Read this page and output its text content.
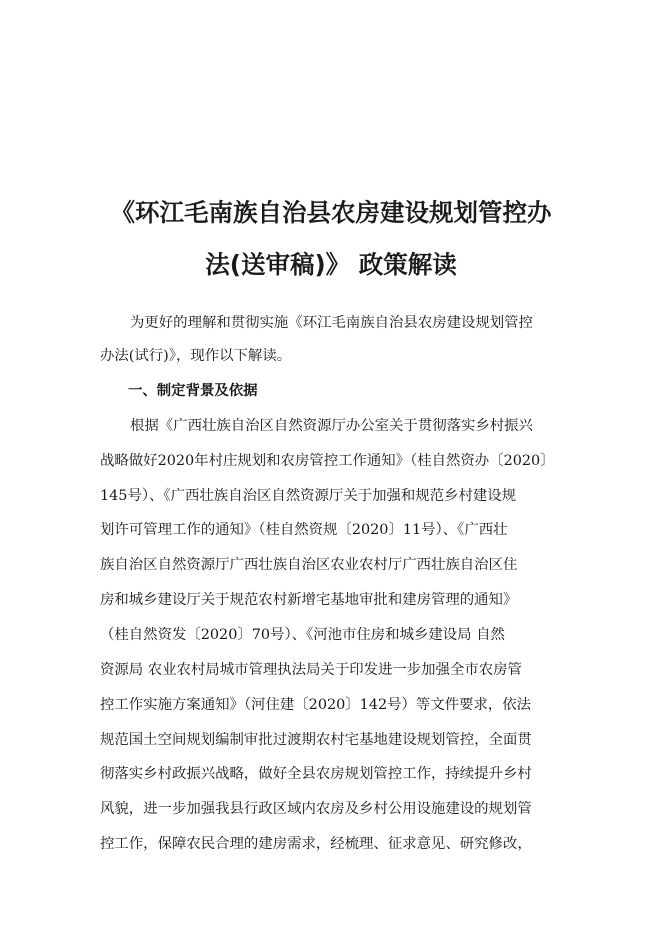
《环江毛南族自治县农房建设规划管控办
法(送审稿)》 政策解读
为更好的理解和贯彻实施《环江毛南族自治县农房建设规划管控
办法(试行)》，现作以下解读。
一、制定背景及依据
根据《广西壮族自治区自然资源厅办公室关于贯彻落实乡村振兴
战略做好2020年村庄规划和农房管控工作通知》（桂自然资办〔2020〕
145号）、《广西壮族自治区自然资源厅关于加强和规范乡村建设规
划许可管理工作的通知》（桂自然资规〔2020〕11号）、《广西壮
族自治区自然资源厅广西壮族自治区农业农村厅广西壮族自治区住
房和城乡建设厅关于规范农村新增宅基地审批和建房管理的通知》
（桂自然资发〔2020〕70号）、《河池市住房和城乡建设局 自然
资源局 农业农村局城市管理执法局关于印发进一步加强全市农房管
控工作实施方案通知》（河住建〔2020〕142号）等文件要求，依法
规范国土空间规划编制审批过渡期农村宅基地建设规划管控，全面贯
彻落实乡村政振兴战略，做好全县农房规划管控工作，持续提升乡村
风貌，进一步加强我县行政区域内农房及乡村公用设施建设的规划管
控工作，保障农民合理的建房需求，经梳理、征求意见、研究修改，
